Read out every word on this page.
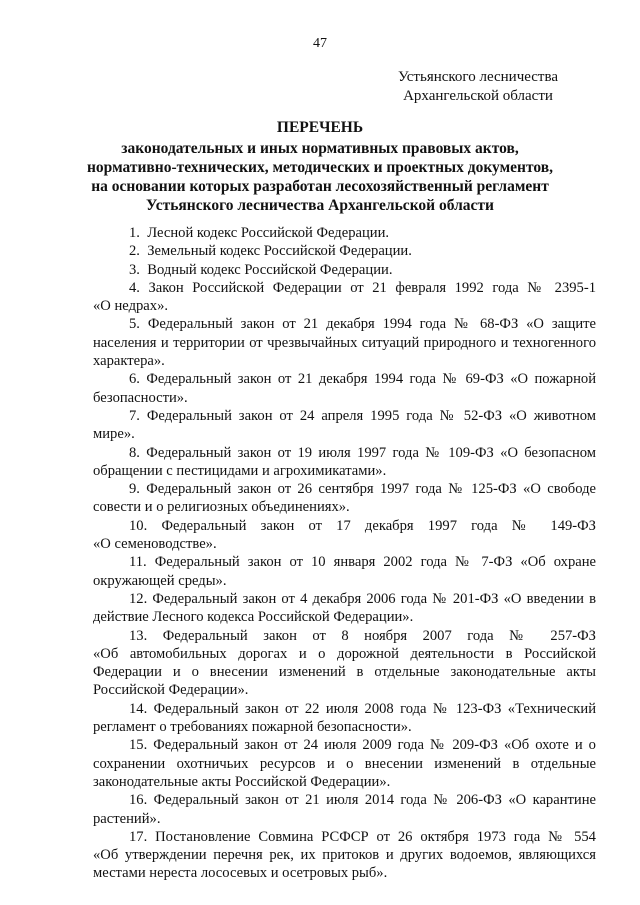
47
Устьянского лесничества
Архангельской области
ПЕРЕЧЕНЬ
законодательных и иных нормативных правовых актов,
нормативно-технических, методических и проектных документов,
на основании которых разработан лесохозяйственный регламент
Устьянского лесничества Архангельской области
1. Лесной кодекс Российской Федерации.
2. Земельный кодекс Российской Федерации.
3. Водный кодекс Российской Федерации.
4. Закон Российской Федерации от 21 февраля 1992 года № 2395-1
«О недрах».
5. Федеральный закон от 21 декабря 1994 года № 68-ФЗ «О защите
населения и территории от чрезвычайных ситуаций природного и техногенного характера».
6. Федеральный закон от 21 декабря 1994 года № 69-ФЗ «О пожарной
безопасности».
7. Федеральный закон от 24 апреля 1995 года № 52-ФЗ «О животном
мире».
8. Федеральный закон от 19 июля 1997 года № 109-ФЗ «О безопасном
обращении с пестицидами и агрохимикатами».
9. Федеральный закон от 26 сентября 1997 года № 125-ФЗ «О свободе
совести и о религиозных объединениях».
10. Федеральный закон от 17 декабря 1997 года № 149-ФЗ
«О семеноводстве».
11. Федеральный закон от 10 января 2002 года № 7-ФЗ «Об охране
окружающей среды».
12. Федеральный закон от 4 декабря 2006 года № 201-ФЗ «О введении в
действие Лесного кодекса Российской Федерации».
13. Федеральный закон от 8 ноября 2007 года № 257-ФЗ
«Об автомобильных дорогах и о дорожной деятельности в Российской Федерации и о внесении изменений в отдельные законодательные акты Российской Федерации».
14. Федеральный закон от 22 июля 2008 года № 123-ФЗ «Технический
регламент о требованиях пожарной безопасности».
15. Федеральный закон от 24 июля 2009 года № 209-ФЗ «Об охоте и о
сохранении охотничьих ресурсов и о внесении изменений в отдельные законодательные акты Российской Федерации».
16. Федеральный закон от 21 июля 2014 года № 206-ФЗ «О карантине
растений».
17. Постановление Совмина РСФСР от 26 октября 1973 года № 554
«Об утверждении перечня рек, их притоков и других водоемов, являющихся местами нереста лососевых и осетровых рыб».
